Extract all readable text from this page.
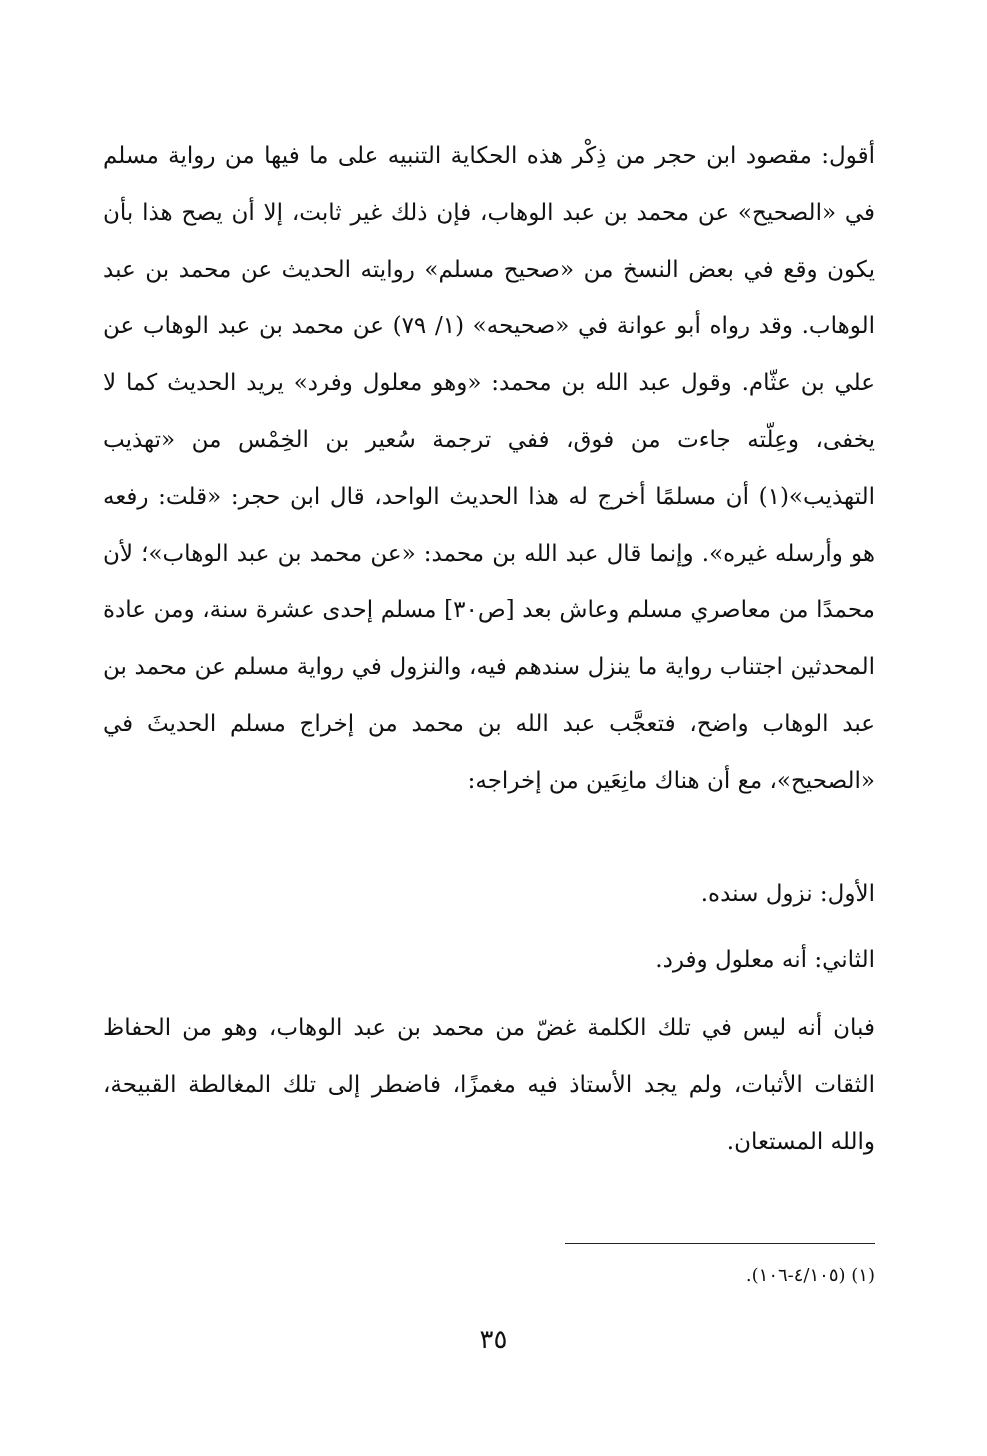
أقول: مقصود ابن حجر من ذِكْر هذه الحكاية التنبيه على ما فيها من رواية مسلم في «الصحيح» عن محمد بن عبد الوهاب، فإن ذلك غير ثابت، إلا أن يصح هذا بأن يكون وقع في بعض النسخ من «صحيح مسلم» روايته الحديث عن محمد بن عبد الوهاب. وقد رواه أبو عوانة في «صحيحه» (١/ ٧٩) عن محمد بن عبد الوهاب عن علي بن عثّام. وقول عبد الله بن محمد: «وهو معلول وفرد» يريد الحديث كما لا يخفى، وعِلّته جاءت من فوق، ففي ترجمة سُعير بن الخِمْس من «تهذيب التهذيب»(١) أن مسلمًا أخرج له هذا الحديث الواحد، قال ابن حجر: «قلت: رفعه هو وأرسله غيره». وإنما قال عبد الله بن محمد: «عن محمد بن عبد الوهاب»؛ لأن محمدًا من معاصري مسلم وعاش بعد [ص٣٠] مسلم إحدى عشرة سنة، ومن عادة المحدثين اجتناب رواية ما ينزل سندهم فيه، والنزول في رواية مسلم عن محمد بن عبد الوهاب واضح، فتعجَّب عبد الله بن محمد من إخراج مسلم الحديثَ في «الصحيح»، مع أن هناك مانِعَين من إخراجه:

الأول: نزول سنده.

الثاني: أنه معلول وفرد.

فبان أنه ليس في تلك الكلمة غضّ من محمد بن عبد الوهاب، وهو من الحفاظ الثقات الأثبات، ولم يجد الأستاذ فيه مغمزًا، فاضطر إلى تلك المغالطة القبيحة، والله المستعان.

(١) (٤/١٠٥-١٠٦).

٣٥
